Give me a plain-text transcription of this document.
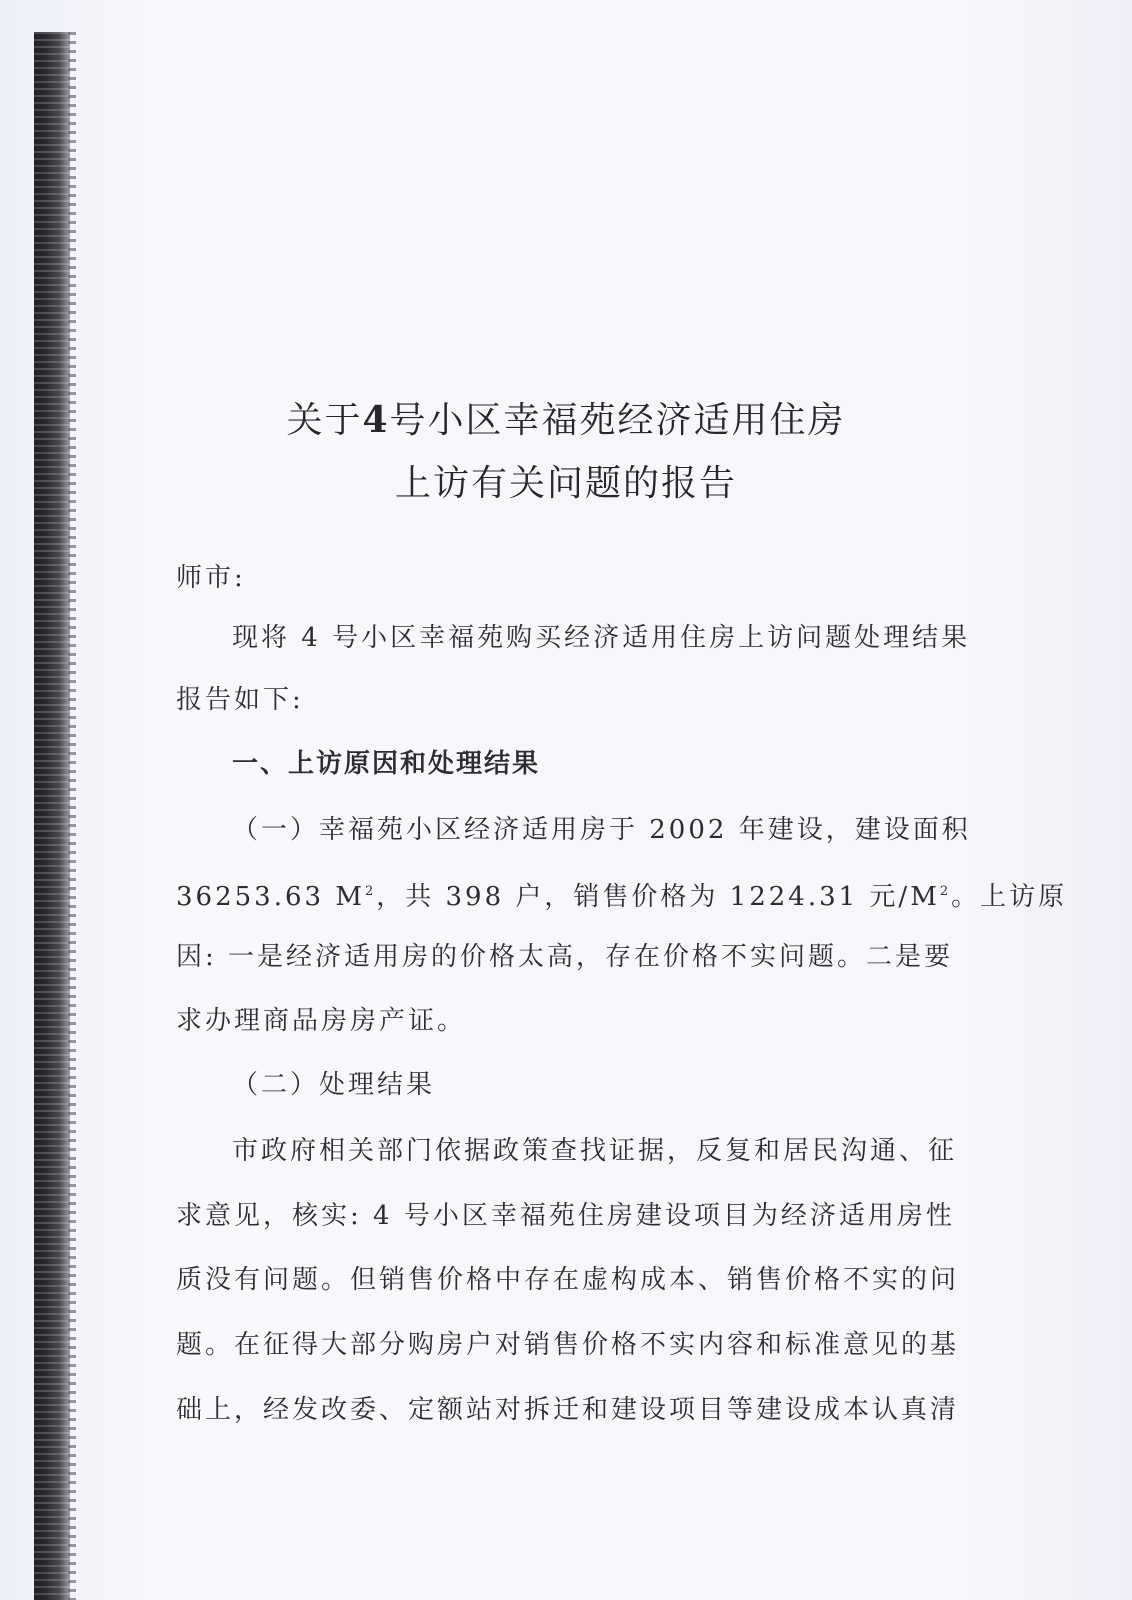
关于4号小区幸福苑经济适用住房
上访有关问题的报告
师市:
现将 4 号小区幸福苑购买经济适用住房上访问题处理结果
报告如下:
一、上访原因和处理结果
（一）幸福苑小区经济适用房于 2002 年建设，建设面积
36253.63 $M^2$，共 398 户，销售价格为 1224.31 元$/M^2$。上访原
因: 一是经济适用房的价格太高，存在价格不实问题。二是要
求办理商品房房产证。
（二）处理结果
市政府相关部门依据政策查找证据，反复和居民沟通、征
求意见，核实: 4 号小区幸福苑住房建设项目为经济适用房性
质没有问题。但销售价格中存在虚构成本、销售价格不实的问
题。在征得大部分购房户对销售价格不实内容和标准意见的基
础上，经发改委、定额站对拆迁和建设项目等建设成本认真清
